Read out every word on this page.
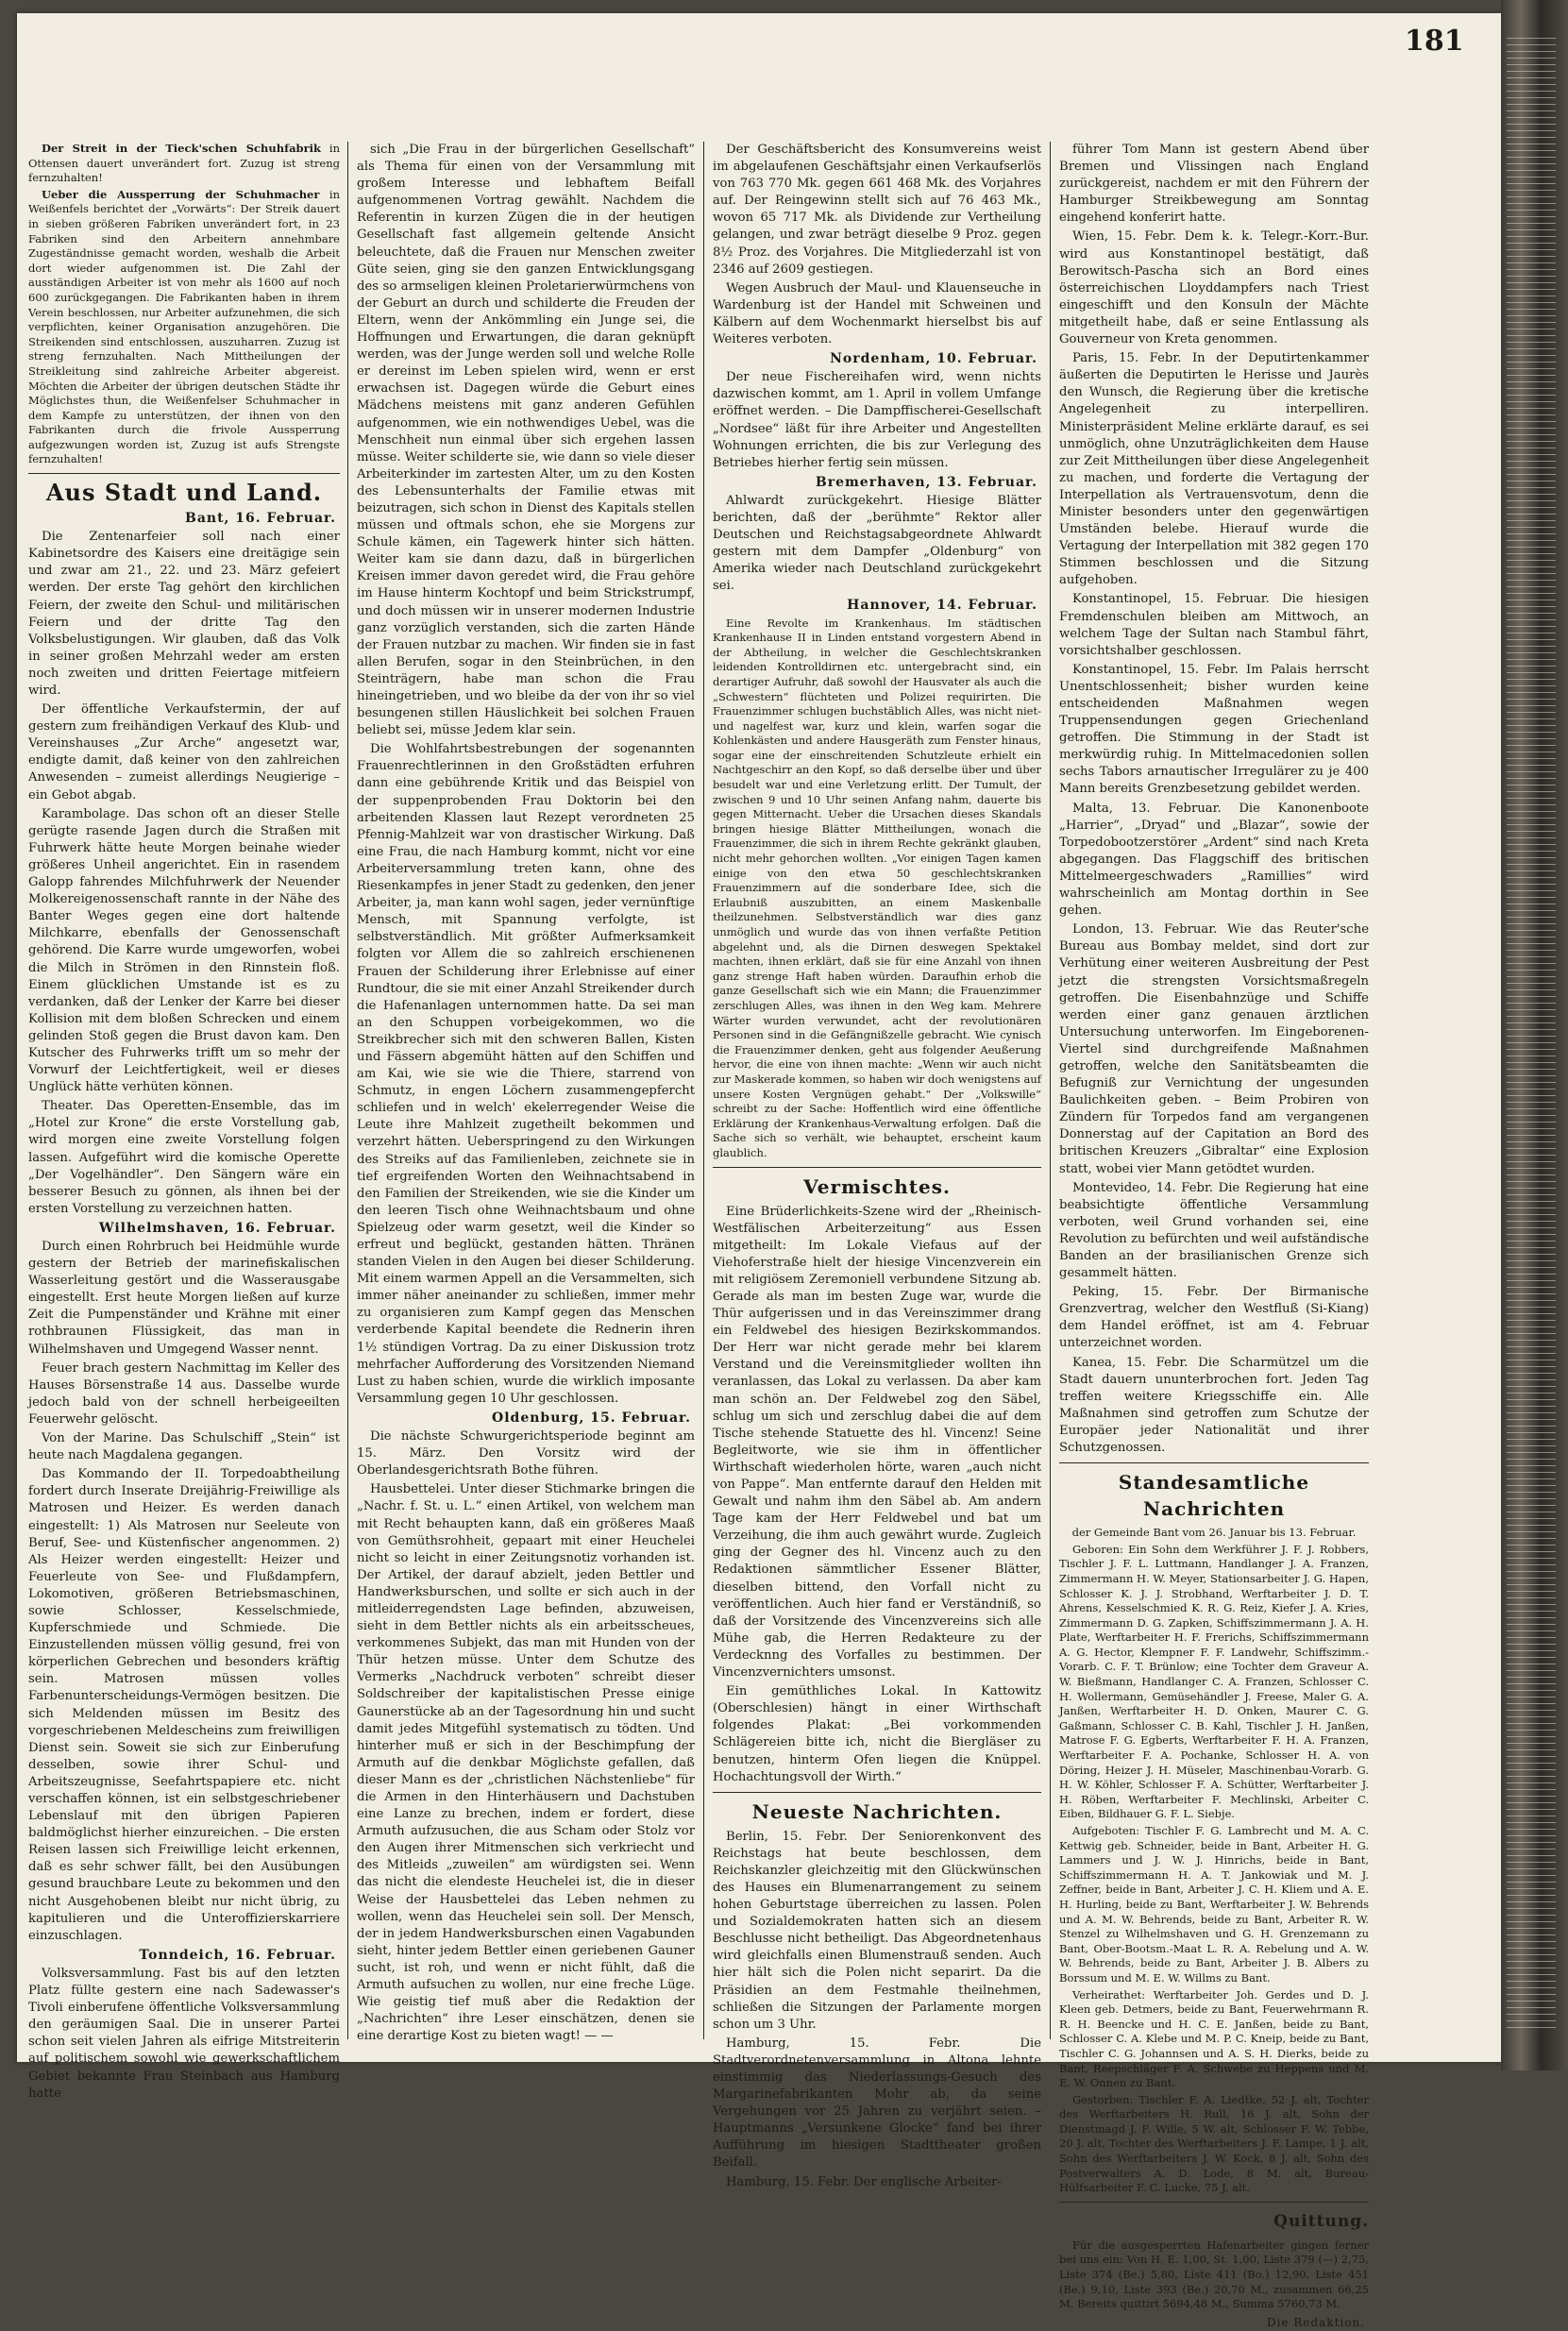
181

Der Streit in der Tieck'schen Schuhfabrik in Ottensen dauert unverändert fort. Zuzug ist streng fernzuhalten!

Ueber die Aussperrung der Schuhmacher in Weißenfels berichtet der „Vorwärts“: Der Streik dauert in sieben größeren Fabriken unverändert fort, in 23 Fabriken sind den Arbeitern annehmbare Zugeständnisse gemacht worden, weshalb die Arbeit dort wieder aufgenommen ist. Die Zahl der ausständigen Arbeiter ist von mehr als 1600 auf noch 600 zurückgegangen. Die Fabrikanten haben in ihrem Verein beschlossen, nur Arbeiter aufzunehmen, die sich verpflichten, keiner Organisation anzugehören. Die Streikenden sind entschlossen, auszuharren. Zuzug ist streng fernzuhalten. Nach Mittheilungen der Streikleitung sind zahlreiche Arbeiter abgereist. Möchten die Arbeiter der übrigen deutschen Städte ihr Möglichstes thun, die Weißenfelser Schuhmacher in dem Kampfe zu unterstützen, der ihnen von den Fabrikanten durch die frivole Aussperrung aufgezwungen worden ist, Zuzug ist aufs Strengste fernzuhalten!

Aus Stadt und Land.
Bant, 16. Februar.

Die Zentenarfeier soll nach einer Kabinetsordre des Kaisers eine dreitägige sein und zwar am 21., 22. und 23. März gefeiert werden. Der erste Tag gehört den kirchlichen Feiern, der zweite den Schul- und militärischen Feiern und der dritte Tag den Volksbelustigungen. Wir glauben, daß das Volk in seiner großen Mehrzahl weder am ersten noch zweiten und dritten Feiertage mitfeiern wird.

Der öffentliche Verkaufstermin, der auf gestern zum freihändigen Verkauf des Klub- und Vereinshauses „Zur Arche“ angesetzt war, endigte damit, daß keiner von den zahlreichen Anwesenden – zumeist allerdings Neugierige – ein Gebot abgab.

Karambolage. Das schon oft an dieser Stelle gerügte rasende Jagen durch die Straßen mit Fuhrwerk hätte heute Morgen beinahe wieder größeres Unheil angerichtet. Ein in rasendem Galopp fahrendes Milchfuhrwerk der Neuender Molkereigenossenschaft rannte in der Nähe des Banter Weges gegen eine dort haltende Milchkarre, ebenfalls der Genossenschaft gehörend. Die Karre wurde umgeworfen, wobei die Milch in Strömen in den Rinnstein floß. Einem glücklichen Umstande ist es zu verdanken, daß der Lenker der Karre bei dieser Kollision mit dem bloßen Schrecken und einem gelinden Stoß gegen die Brust davon kam. Den Kutscher des Fuhrwerks trifft um so mehr der Vorwurf der Leichtfertigkeit, weil er dieses Unglück hätte verhüten können.

Theater. Das Operetten-Ensemble, das im „Hotel zur Krone“ die erste Vorstellung gab, wird morgen eine zweite Vorstellung folgen lassen. Aufgeführt wird die komische Operette „Der Vogelhändler“. Den Sängern wäre ein besserer Besuch zu gönnen, als ihnen bei der ersten Vorstellung zu verzeichnen hatten.

Wilhelmshaven, 16. Februar.

Durch einen Rohrbruch bei Heidmühle wurde gestern der Betrieb der marinefiskalischen Wasserleitung gestört und die Wasserausgabe eingestellt. Erst heute Morgen ließen auf kurze Zeit die Pumpenständer und Krähne mit einer rothbraunen Flüssigkeit, das man in Wilhelmshaven und Umgegend Wasser nennt.

Feuer brach gestern Nachmittag im Keller des Hauses Börsenstraße 14 aus. Dasselbe wurde jedoch bald von der schnell herbeigeeilten Feuerwehr gelöscht.

Von der Marine. Das Schulschiff „Stein“ ist heute nach Magdalena gegangen.

Das Kommando der II. Torpedoabtheilung fordert durch Inserate Dreijährig-Freiwillige als Matrosen und Heizer. Es werden danach eingestellt: 1) Als Matrosen nur Seeleute von Beruf, See- und Küstenfischer angenommen. 2) Als Heizer werden eingestellt: Heizer und Feuerleute von See- und Flußdampfern, Lokomotiven, größeren Betriebsmaschinen, sowie Schlosser, Kesselschmiede, Kupferschmiede und Schmiede. Die Einzustellenden müssen völlig gesund, frei von körperlichen Gebrechen und besonders kräftig sein. Matrosen müssen volles Farbenunterscheidungs-Vermögen besitzen. Die sich Meldenden müssen im Besitz des vorgeschriebenen Meldescheins zum freiwilligen Dienst sein. Soweit sie sich zur Einberufung desselben, sowie ihrer Schul- und Arbeitszeugnisse, Seefahrtspapiere etc. nicht verschaffen können, ist ein selbstgeschriebener Lebenslauf mit den übrigen Papieren baldmöglichst hierher einzureichen. – Die ersten Reisen lassen sich Freiwillige leicht erkennen, daß es sehr schwer fällt, bei den Ausübungen gesund brauchbare Leute zu bekommen und den nicht Ausgehobenen bleibt nur nicht übrig, zu kapitulieren und die Unteroffizierskarriere einzuschlagen.

Tonndeich, 16. Februar.

Volksversammlung. Fast bis auf den letzten Platz füllte gestern eine nach Sadewasser's Tivoli einberufene öffentliche Volksversammlung den geräumigen Saal. Die in unserer Partei schon seit vielen Jahren als eifrige Mitstreiterin auf politischem sowohl wie gewerkschaftlichem Gebiet bekannte Frau Steinbach aus Hamburg hatte

sich „Die Frau in der bürgerlichen Gesellschaft“ als Thema für einen von der Versammlung mit großem Interesse und lebhaftem Beifall aufgenommenen Vortrag gewählt. Nachdem die Referentin in kurzen Zügen die in der heutigen Gesellschaft fast allgemein geltende Ansicht beleuchtete, daß die Frauen nur Menschen zweiter Güte seien, ging sie den ganzen Entwicklungsgang des so armseligen kleinen Proletarierwürmchens von der Geburt an durch und schilderte die Freuden der Eltern, wenn der Ankömmling ein Junge sei, die Hoffnungen und Erwartungen, die daran geknüpft werden, was der Junge werden soll und welche Rolle er dereinst im Leben spielen wird, wenn er erst erwachsen ist. Dagegen würde die Geburt eines Mädchens meistens mit ganz anderen Gefühlen aufgenommen, wie ein nothwendiges Uebel, was die Menschheit nun einmal über sich ergehen lassen müsse. Weiter schilderte sie, wie dann so viele dieser Arbeiterkinder im zartesten Alter, um zu den Kosten des Lebensunterhalts der Familie etwas mit beizutragen, sich schon in Dienst des Kapitals stellen müssen und oftmals schon, ehe sie Morgens zur Schule kämen, ein Tagewerk hinter sich hätten. Weiter kam sie dann dazu, daß in bürgerlichen Kreisen immer davon geredet wird, die Frau gehöre im Hause hinterm Kochtopf und beim Strickstrumpf, und doch müssen wir in unserer modernen Industrie ganz vorzüglich verstanden, sich die zarten Hände der Frauen nutzbar zu machen. Wir finden sie in fast allen Berufen, sogar in den Steinbrüchen, in den Steinträgern, habe man schon die Frau hineingetrieben, und wo bleibe da der von ihr so viel besungenen stillen Häuslichkeit bei solchen Frauen beliebt sei, müsse Jedem klar sein.

Die Wohlfahrtsbestrebungen der sogenannten Frauenrechtlerinnen in den Großstädten erfuhren dann eine gebührende Kritik und das Beispiel von der suppenprobenden Frau Doktorin bei den arbeitenden Klassen laut Rezept verordneten 25 Pfennig-Mahlzeit war von drastischer Wirkung. Daß eine Frau, die nach Hamburg kommt, nicht vor eine Arbeiterversammlung treten kann, ohne des Riesenkampfes in jener Stadt zu gedenken, den jener Arbeiter, ja, man kann wohl sagen, jeder vernünftige Mensch, mit Spannung verfolgte, ist selbstverständlich. Mit größter Aufmerksamkeit folgten vor Allem die so zahlreich erschienenen Frauen der Schilderung ihrer Erlebnisse auf einer Rundtour, die sie mit einer Anzahl Streikender durch die Hafenanlagen unternommen hatte. Da sei man an den Schuppen vorbeigekommen, wo die Streikbrecher sich mit den schweren Ballen, Kisten und Fässern abgemüht hätten auf den Schiffen und am Kai, wie sie wie die Thiere, starrend von Schmutz, in engen Löchern zusammengepfercht schliefen und in welch' ekelerregender Weise die Leute ihre Mahlzeit zugetheilt bekommen und verzehrt hätten. Ueberspringend zu den Wirkungen des Streiks auf das Familienleben, zeichnete sie in tief ergreifenden Worten den Weihnachtsabend in den Familien der Streikenden, wie sie die Kinder um den leeren Tisch ohne Weihnachtsbaum und ohne Spielzeug oder warm gesetzt, weil die Kinder so erfreut und beglückt, gestanden hätten. Thränen standen Vielen in den Augen bei dieser Schilderung. Mit einem warmen Appell an die Versammelten, sich immer näher aneinander zu schließen, immer mehr zu organisieren zum Kampf gegen das Menschen verderbende Kapital beendete die Rednerin ihren 1½ stündigen Vortrag. Da zu einer Diskussion trotz mehrfacher Aufforderung des Vorsitzenden Niemand Lust zu haben schien, wurde die wirklich imposante Versammlung gegen 10 Uhr geschlossen.

Oldenburg, 15. Februar.

Die nächste Schwurgerichtsperiode beginnt am 15. März. Den Vorsitz wird der Oberlandesgerichtsrath Bothe führen.

Hausbettelei. Unter dieser Stichmarke bringen die „Nachr. f. St. u. L.“ einen Artikel, von welchem man mit Recht behaupten kann, daß ein größeres Maaß von Gemüthsrohheit, gepaart mit einer Heuchelei nicht so leicht in einer Zeitungsnotiz vorhanden ist. Der Artikel, der darauf abzielt, jeden Bettler und Handwerksburschen, und sollte er sich auch in der mitleiderregendsten Lage befinden, abzuweisen, sieht in dem Bettler nichts als ein arbeitsscheues, verkommenes Subjekt, das man mit Hunden von der Thür hetzen müsse. Unter dem Schutze des Vermerks „Nachdruck verboten“ schreibt dieser Soldschreiber der kapitalistischen Presse einige Gaunerstücke ab an der Tagesordnung hin und sucht damit jedes Mitgefühl systematisch zu tödten. Und hinterher muß er sich in der Beschimpfung der Armuth auf die denkbar Möglichste gefallen, daß dieser Mann es der „christlichen Nächstenliebe“ für die Armen in den Hinterhäusern und Dachstuben eine Lanze zu brechen, indem er fordert, diese Armuth aufzusuchen, die aus Scham oder Stolz vor den Augen ihrer Mitmenschen sich verkriecht und des Mitleids „zuweilen“ am würdigsten sei. Wenn das nicht die elendeste Heuchelei ist, die in dieser Weise der Hausbettelei das Leben nehmen zu wollen, wenn das Heuchelei sein soll. Der Mensch, der in jedem Handwerksburschen einen Vagabunden sieht, hinter jedem Bettler einen geriebenen Gauner sucht, ist roh, und wenn er nicht fühlt, daß die Armuth aufsuchen zu wollen, nur eine freche Lüge. Wie geistig tief muß aber die Redaktion der „Nachrichten“ ihre Leser einschätzen, denen sie eine derartige Kost zu bieten wagt! — —

Der Geschäftsbericht des Konsumvereins weist im abgelaufenen Geschäftsjahr einen Verkaufserlös von 763 770 Mk. gegen 661 468 Mk. des Vorjahres auf. Der Reingewinn stellt sich auf 76 463 Mk., wovon 65 717 Mk. als Dividende zur Vertheilung gelangen, und zwar beträgt dieselbe 9 Proz. gegen 8½ Proz. des Vorjahres. Die Mitgliederzahl ist von 2346 auf 2609 gestiegen.

Wegen Ausbruch der Maul- und Klauenseuche in Wardenburg ist der Handel mit Schweinen und Kälbern auf dem Wochenmarkt hierselbst bis auf Weiteres verboten.

Nordenham, 10. Februar.

Der neue Fischereihafen wird, wenn nichts dazwischen kommt, am 1. April in vollem Umfange eröffnet werden. – Die Dampffischerei-Gesellschaft „Nordsee“ läßt für ihre Arbeiter und Angestellten Wohnungen errichten, die bis zur Verlegung des Betriebes hierher fertig sein müssen.

Bremerhaven, 13. Februar.

Ahlwardt zurückgekehrt. Hiesige Blätter berichten, daß der „berühmte“ Rektor aller Deutschen und Reichstagsabgeordnete Ahlwardt gestern mit dem Dampfer „Oldenburg“ von Amerika wieder nach Deutschland zurückgekehrt sei.

Hannover, 14. Februar.

Eine Revolte im Krankenhaus. Im städtischen Krankenhause II in Linden entstand vorgestern Abend in der Abtheilung, in welcher die Geschlechtskranken leidenden Kontrolldirnen etc. untergebracht sind, ein derartiger Aufruhr, daß sowohl der Hausvater als auch die „Schwestern“ flüchteten und Polizei requirirten. Die Frauenzimmer schlugen buchstäblich Alles, was nicht niet- und nagelfest war, kurz und klein, warfen sogar die Kohlenkästen und andere Hausgeräth zum Fenster hinaus, sogar eine der einschreitenden Schutzleute erhielt ein Nachtgeschirr an den Kopf, so daß derselbe über und über besudelt war und eine Verletzung erlitt. Der Tumult, der zwischen 9 und 10 Uhr seinen Anfang nahm, dauerte bis gegen Mitternacht. Ueber die Ursachen dieses Skandals bringen hiesige Blätter Mittheilungen, wonach die Frauenzimmer, die sich in ihrem Rechte gekränkt glauben, nicht mehr gehorchen wollten. „Vor einigen Tagen kamen einige von den etwa 50 geschlechtskranken Frauenzimmern auf die sonderbare Idee, sich die Erlaubniß auszubitten, an einem Maskenballe theilzunehmen. Selbstverständlich war dies ganz unmöglich und wurde das von ihnen verfaßte Petition abgelehnt und, als die Dirnen deswegen Spektakel machten, ihnen erklärt, daß sie für eine Anzahl von ihnen ganz strenge Haft haben würden. Daraufhin erhob die ganze Gesellschaft sich wie ein Mann; die Frauenzimmer zerschlugen Alles, was ihnen in den Weg kam. Mehrere Wärter wurden verwundet, acht der revolutionären Personen sind in die Gefängnißzelle gebracht. Wie cynisch die Frauenzimmer denken, geht aus folgender Aeußerung hervor, die eine von ihnen machte: „Wenn wir auch nicht zur Maskerade kommen, so haben wir doch wenigstens auf unsere Kosten Vergnügen gehabt.“ Der „Volkswille“ schreibt zu der Sache: Hoffentlich wird eine öffentliche Erklärung der Krankenhaus-Verwaltung erfolgen. Daß die Sache sich so verhält, wie behauptet, erscheint kaum glaublich.

Vermischtes.

Eine Brüderlichkeits-Szene wird der „Rheinisch-Westfälischen Arbeiterzeitung“ aus Essen mitgetheilt: Im Lokale Viefaus auf der Viehoferstraße hielt der hiesige Vincenzverein ein mit religiösem Zeremoniell verbundene Sitzung ab. Gerade als man im besten Zuge war, wurde die Thür aufgerissen und in das Vereinszimmer drang ein Feldwebel des hiesigen Bezirkskommandos. Der Herr war nicht gerade mehr bei klarem Verstand und die Vereinsmitglieder wollten ihn veranlassen, das Lokal zu verlassen. Da aber kam man schön an. Der Feldwebel zog den Säbel, schlug um sich und zerschlug dabei die auf dem Tische stehende Statuette des hl. Vincenz! Seine Begleitworte, wie sie ihm in öffentlicher Wirthschaft wiederholen hörte, waren „auch nicht von Pappe“. Man entfernte darauf den Helden mit Gewalt und nahm ihm den Säbel ab. Am andern Tage kam der Herr Feldwebel und bat um Verzeihung, die ihm auch gewährt wurde. Zugleich ging der Gegner des hl. Vincenz auch zu den Redaktionen sämmtlicher Essener Blätter, dieselben bittend, den Vorfall nicht zu veröffentlichen. Auch hier fand er Verständniß, so daß der Vorsitzende des Vincenzvereins sich alle Mühe gab, die Herren Redakteure zu der Verdecknng des Vorfalles zu bestimmen. Der Vincenzvernichters umsonst.

Ein gemüthliches Lokal. In Kattowitz (Oberschlesien) hängt in einer Wirthschaft folgendes Plakat: „Bei vorkommenden Schlägereien bitte ich, nicht die Biergläser zu benutzen, hinterm Ofen liegen die Knüppel. Hochachtungsvoll der Wirth.“

Neueste Nachrichten.

Berlin, 15. Febr. Der Seniorenkonvent des Reichstags hat beute beschlossen, dem Reichskanzler gleichzeitig mit den Glückwünschen des Hauses ein Blumenarrangement zu seinem hohen Geburtstage überreichen zu lassen. Polen und Sozialdemokraten hatten sich an diesem Beschlusse nicht betheiligt. Das Abgeordnetenhaus wird gleichfalls einen Blumenstrauß senden. Auch hier hält sich die Polen nicht separirt. Da die Präsidien an dem Festmahle theilnehmen, schließen die Sitzungen der Parlamente morgen schon um 3 Uhr.

Hamburg, 15. Febr. Die Stadtverordnetenversammlung in Altona lehnte einstimmig das Niederlassungs-Gesuch des Margarinefabrikanten Mohr ab, da seine Vergehungen vor 25 Jahren zu verjährt seien. – Hauptmanns „Versunkene Glocke“ fand bei ihrer Aufführung im hiesigen Stadttheater großen Beifall.

Hamburg, 15. Febr. Der englische Arbeiter-

führer Tom Mann ist gestern Abend über Bremen und Vlissingen nach England zurückgereist, nachdem er mit den Führern der Hamburger Streikbewegung am Sonntag eingehend konferirt hatte.

Wien, 15. Febr. Dem k. k. Telegr.-Korr.-Bur. wird aus Konstantinopel bestätigt, daß Berowitsch-Pascha sich an Bord eines österreichischen Lloyddampfers nach Triest eingeschifft und den Konsuln der Mächte mitgetheilt habe, daß er seine Entlassung als Gouverneur von Kreta genommen.

Paris, 15. Febr. In der Deputirtenkammer äußerten die Deputirten le Herisse und Jaurès den Wunsch, die Regierung über die kretische Angelegenheit zu interpelliren. Ministerpräsident Meline erklärte darauf, es sei unmöglich, ohne Unzuträglichkeiten dem Hause zur Zeit Mittheilungen über diese Angelegenheit zu machen, und forderte die Vertagung der Interpellation als Vertrauensvotum, denn die Minister besonders unter den gegenwärtigen Umständen belebe. Hierauf wurde die Vertagung der Interpellation mit 382 gegen 170 Stimmen beschlossen und die Sitzung aufgehoben.

Konstantinopel, 15. Februar. Die hiesigen Fremdenschulen bleiben am Mittwoch, an welchem Tage der Sultan nach Stambul fährt, vorsichtshalber geschlossen.

Konstantinopel, 15. Febr. Im Palais herrscht Unentschlossenheit; bisher wurden keine entscheidenden Maßnahmen wegen Truppensendungen gegen Griechenland getroffen. Die Stimmung in der Stadt ist merkwürdig ruhig. In Mittelmacedonien sollen sechs Tabors arnautischer Irregulärer zu je 400 Mann bereits Grenzbesetzung gebildet werden.

Malta, 13. Februar. Die Kanonenboote „Harrier“, „Dryad“ und „Blazar“, sowie der Torpedobootzerstörer „Ardent“ sind nach Kreta abgegangen. Das Flaggschiff des britischen Mittelmeergeschwaders „Ramillies“ wird wahrscheinlich am Montag dorthin in See gehen.

London, 13. Februar. Wie das Reuter'sche Bureau aus Bombay meldet, sind dort zur Verhütung einer weiteren Ausbreitung der Pest jetzt die strengsten Vorsichtsmaßregeln getroffen. Die Eisenbahnzüge und Schiffe werden einer ganz genauen ärztlichen Untersuchung unterworfen. Im Eingeborenen-Viertel sind durchgreifende Maßnahmen getroffen, welche den Sanitätsbeamten die Befugniß zur Vernichtung der ungesunden Baulichkeiten geben. – Beim Probiren von Zündern für Torpedos fand am vergangenen Donnerstag auf der Capitation an Bord des britischen Kreuzers „Gibraltar“ eine Explosion statt, wobei vier Mann getödtet wurden.

Montevideo, 14. Febr. Die Regierung hat eine beabsichtigte öffentliche Versammlung verboten, weil Grund vorhanden sei, eine Revolution zu befürchten und weil aufständische Banden an der brasilianischen Grenze sich gesammelt hätten.

Peking, 15. Febr. Der Birmanische Grenzvertrag, welcher den Westfluß (Si-Kiang) dem Handel eröffnet, ist am 4. Februar unterzeichnet worden.

Kanea, 15. Febr. Die Scharmützel um die Stadt dauern ununterbrochen fort. Jeden Tag treffen weitere Kriegsschiffe ein. Alle Maßnahmen sind getroffen zum Schutze der Europäer jeder Nationalität und ihrer Schutzgenossen.

Standesamtliche Nachrichten

der Gemeinde Bant vom 26. Januar bis 13. Februar.

Geboren: Ein Sohn dem Werkführer J. F. J. Robbers, Tischler J. F. L. Luttmann, Handlanger J. A. Franzen, Zimmermann H. W. Meyer, Stationsarbeiter J. G. Hapen, Schlosser K. J. J. Strobhand, Werftarbeiter J. D. T. Ahrens, Kesselschmied K. R. G. Reiz, Kiefer J. A. Kries, Zimmermann D. G. Zapken, Schiffszimmermann J. A. H. Plate, Werftarbeiter H. F. Frerichs, Schiffszimmermann A. G. Hector, Klempner F. F. Landwehr, Schiffszimm.-Vorarb. C. F. T. Brünlow; eine Tochter dem Graveur A. W. Bießmann, Handlanger C. A. Franzen, Schlosser C. H. Wollermann, Gemüsehändler J. Freese, Maler G. A. Janßen, Werftarbeiter H. D. Onken, Maurer C. G. Gaßmann, Schlosser C. B. Kahl, Tischler J. H. Janßen, Matrose F. G. Egberts, Werftarbeiter F. H. A. Franzen, Werftarbeiter F. A. Pochanke, Schlosser H. A. von Döring, Heizer J. H. Müseler, Maschinenbau-Vorarb. G. H. W. Köhler, Schlosser F. A. Schütter, Werftarbeiter J. H. Röben, Werftarbeiter F. Mechlinski, Arbeiter C. Eiben, Bildhauer G. F. L. Siebje.

Aufgeboten: Tischler F. G. Lambrecht und M. A. C. Kettwig geb. Schneider, beide in Bant, Arbeiter H. G. Lammers und J. W. J. Hinrichs, beide in Bant, Schiffszimmermann H. A. T. Jankowiak und M. J. Zeffner, beide in Bant, Arbeiter J. C. H. Kliem und A. E. H. Hurling, beide zu Bant, Werftarbeiter J. W. Behrends und A. M. W. Behrends, beide zu Bant, Arbeiter R. W. Stenzel zu Wilhelmshaven und G. H. Grenzemann zu Bant, Ober-Bootsm.-Maat L. R. A. Rebelung und A. W. W. Behrends, beide zu Bant, Arbeiter J. B. Albers zu Borssum und M. E. W. Willms zu Bant.

Verheirathet: Werftarbeiter Joh. Gerdes und D. J. Kleen geb. Detmers, beide zu Bant, Feuerwehrmann R. R. H. Beencke und H. C. E. Janßen, beide zu Bant, Schlosser C. A. Klebe und M. P. C. Kneip, beide zu Bant, Tischler C. G. Johannsen und A. S. H. Dierks, beide zu Bant, Reepschläger F. A. Schwebe zu Heppens und M. E. W. Onnen zu Bant.

Gestorben: Tischler F. A. Liedtke, 52 J. alt, Tochter des Werftarbeiters H. Rull, 16 J. alt, Sohn der Dienstmagd J. F. Wille, 5 W. alt, Schlosser F. W. Tebbe, 20 J. alt, Tochter des Werftarbeiters J. F. Lampe, 1 J. alt, Sohn des Werftarbeiters J. W. Kock, 8 J. alt, Sohn des Postverwalters A. D. Lode, 8 M. alt, Bureau-Hülfsarbeiter F. C. Lucke, 75 J. alt.

Quittung.

Für die ausgesperrten Hafenarbeiter gingen ferner bei uns ein: Von H. E. 1,00, St. 1,00, Liste 379 (—) 2,75, Liste 374 (Be.) 5,80, Liste 411 (Bo.) 12,90, Liste 451 (Be.) 9,10, Liste 393 (Be.) 20,70 M., zusammen 66,25 M. Bereits quittirt 5694,48 M., Summa 5760,73 M.

Die Redaktion.
